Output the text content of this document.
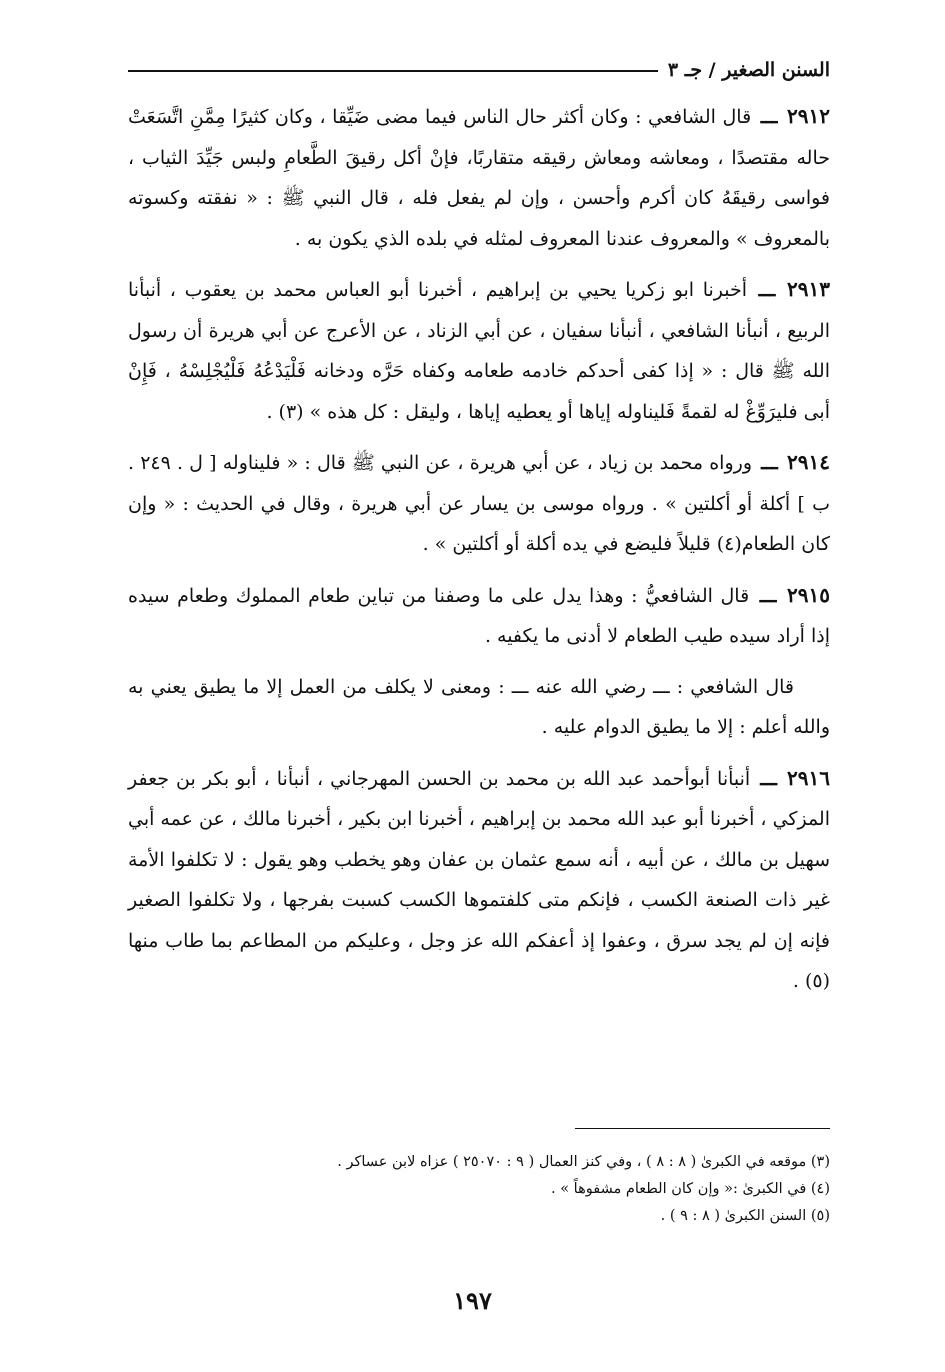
السنن الصغير / جـ ٣

٢٩١٢ ـــ قال الشافعي : وكان أكثر حال الناس فيما مضى ضَيِّقا ، وكان كثيرًا مِمَّنِ اتَّسَعَتْ حاله مقتصدًا ، ومعاشه ومعاش رقيقه متقاربًا، فإنْ أكل رقيقَ الطَّعامِ ولبس جَيِّدَ الثياب ، فواسى رقيقَهُ كان أكرم وأحسن ، وإن لم يفعل فله ، قال النبي ﷺ : « نفقته وكسوته بالمعروف » والمعروف عندنا المعروف لمثله في بلده الذي يكون به .

٢٩١٣ ـــ أخبرنا ابو زكريا يحيي بن إبراهيم ، أخبرنا أبو العباس محمد بن يعقوب ، أنبأنا الربيع ، أنبأنا الشافعي ، أنبأنا سفيان ، عن أبي الزناد ، عن الأعرج عن أبي هريرة أن رسول الله ﷺ قال : « إذا كفى أحدكم خادمه طعامه وكفاه حَرَّه ودخانه فَلْيَدْعُهُ فَلْيُجْلِسْهُ ، فَإِنْ أبى فليرَوِّغْ له لقمةً فَليناوله إياها أو يعطيه إياها ، وليقل : كل هذه » (٣) .

٢٩١٤ ـــ ورواه محمد بن زياد ، عن أبي هريرة ، عن النبي ﷺ قال : « فليناوله [ ل . ٢٤٩ . ب ] أكلة أو أكلتين » . ورواه موسى بن يسار عن أبي هريرة ، وقال في الحديث : « وإن كان الطعام(٤) قليلاً فليضع في يده أكلة أو أكلتين » .

٢٩١٥ ـــ قال الشافعيُّ : وهذا يدل على ما وصفنا من تباين طعام المملوك وطعام سيده إذا أراد سيده طيب الطعام لا أدنى ما يكفيه .

قال الشافعي : ـــ رضي الله عنه ـــ : ومعنى لا يكلف من العمل إلا ما يطيق يعني به والله أعلم : إلا ما يطيق الدوام عليه .

٢٩١٦ ـــ أنبأنا أبوأحمد عبد الله بن محمد بن الحسن المهرجاني ، أنبأنا ، أبو بكر بن جعفر المزكي ، أخبرنا أبو عبد الله محمد بن إبراهيم ، أخبرنا ابن بكير ، أخبرنا مالك ، عن عمه أبي سهيل بن مالك ، عن أبيه ، أنه سمع عثمان بن عفان وهو يخطب وهو يقول : لا تكلفوا الأمة غير ذات الصنعة الكسب ، فإنكم متى كلفتموها الكسب كسبت بفرجها ، ولا تكلفوا الصغير فإنه إن لم يجد سرق ، وعفوا إذ أعفكم الله عز وجل ، وعليكم من المطاعم بما طاب منها (٥) .

(٣) موقعه في الكبرىٰ ( ٨ : ٨ ) ، وفي كنز العمال ( ٩ : ٢٥٠٧٠ ) عزاه لابن عساكر .

(٤) في الكبرىٰ :« وإن كان الطعام مشفوهاً » .

(٥) السنن الكبرىٰ ( ٨ : ٩ ) .

١٩٧
